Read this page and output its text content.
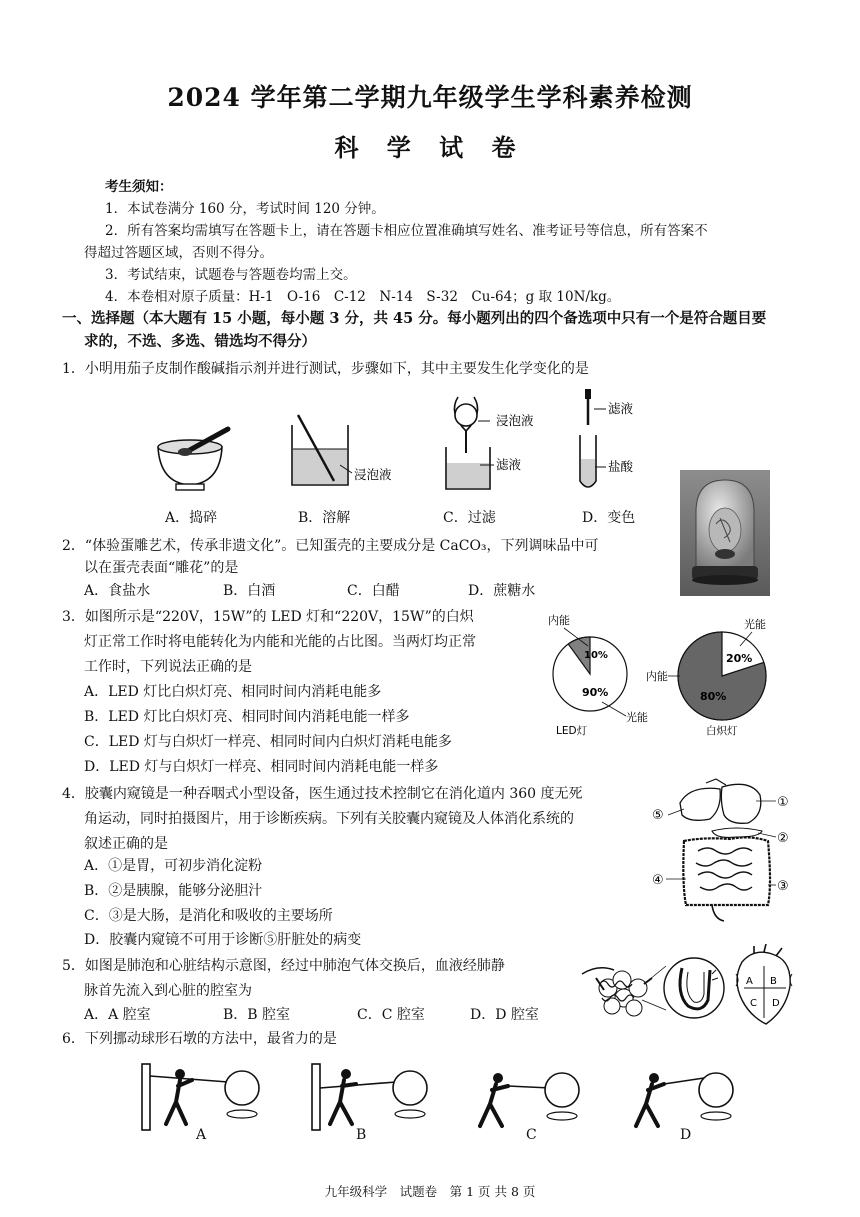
2024 学年第二学期九年级学生学科素养检测
科 学 试 卷
考生须知：
1．本试卷满分 160 分，考试时间 120 分钟。
2．所有答案均需填写在答题卡上，请在答题卡相应位置准确填写姓名、准考证号等信息，所有答案不
得超过答题区域，否则不得分。
3．考试结束，试题卷与答题卷均需上交。
4．本卷相对原子质量：H-1　O-16　C-12　N-14　S-32　Cu-64；g 取 10N/kg。
一、选择题（本大题有 15 小题，每小题 3 分，共 45 分。每小题列出的四个备选项中只有一个是符合题目要
求的，不选、多选、错选均不得分）
1．小明用茄子皮制作酸碱指示剂并进行测试，步骤如下，其中主要发生化学变化的是
浸泡液
浸泡液
滤液
滤液
盐酸
A．捣碎	B．溶解	C．过滤	D．变色
2．“体验蛋雕艺术，传承非遗文化”。已知蛋壳的主要成分是 CaCO₃，下列调味品中可
以在蛋壳表面“雕花”的是
A．食盐水	B．白酒	C．白醋	D．蔗糖水
3．如图所示是“220V，15W”的 LED 灯和“220V，15W”的白炽
灯正常工作时将电能转化为内能和光能的占比图。当两灯均正常
工作时，下列说法正确的是
A．LED 灯比白炽灯亮、相同时间内消耗电能多
B．LED 灯比白炽灯亮、相同时间内消耗电能一样多
C．LED 灯与白炽灯一样亮、相同时间内白炽灯消耗电能多
D．LED 灯与白炽灯一样亮、相同时间内消耗电能一样多
10%
90%
内能
光能
LED灯
20%
80%
光能
内能
白炽灯
4．胶囊内窥镜是一种吞咽式小型设备，医生通过技术控制它在消化道内 360 度无死
角运动，同时拍摄图片，用于诊断疾病。下列有关胶囊内窥镜及人体消化系统的
叙述正确的是
A．①是胃，可初步消化淀粉
B．②是胰腺，能够分泌胆汁
C．③是大肠，是消化和吸收的主要场所
D．胶囊内窥镜不可用于诊断⑤肝脏处的病变
①
②
③
④
⑤
5．如图是肺泡和心脏结构示意图，经过中肺泡气体交换后，血液经肺静
脉首先流入到心脏的腔室为
A．A 腔室	B．B 腔室	C．C 腔室	D．D 腔室
A B
C D
6．下列挪动球形石墩的方法中，最省力的是
A	B	C	D
九年级科学　试题卷　第 1 页 共 8 页
